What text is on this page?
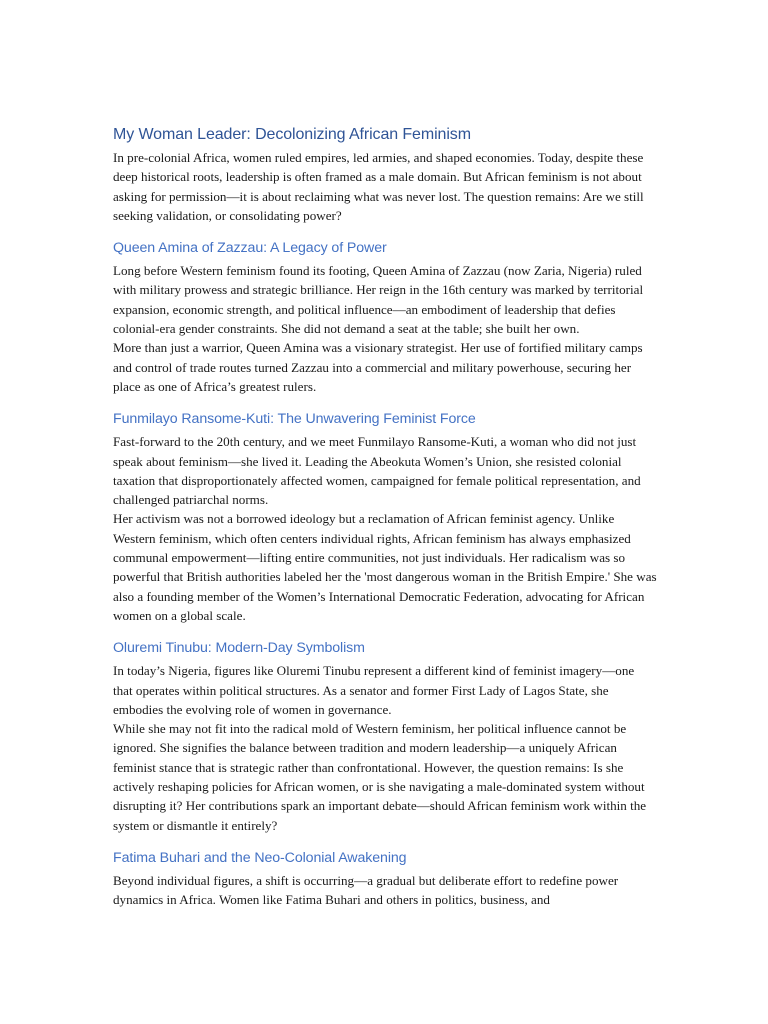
My Woman Leader: Decolonizing African Feminism

In pre-colonial Africa, women ruled empires, led armies, and shaped economies. Today, despite these deep historical roots, leadership is often framed as a male domain. But African feminism is not about asking for permission—it is about reclaiming what was never lost. The question remains: Are we still seeking validation, or consolidating power?

Queen Amina of Zazzau: A Legacy of Power

Long before Western feminism found its footing, Queen Amina of Zazzau (now Zaria, Nigeria) ruled with military prowess and strategic brilliance. Her reign in the 16th century was marked by territorial expansion, economic strength, and political influence—an embodiment of leadership that defies colonial-era gender constraints. She did not demand a seat at the table; she built her own.

More than just a warrior, Queen Amina was a visionary strategist. Her use of fortified military camps and control of trade routes turned Zazzau into a commercial and military powerhouse, securing her place as one of Africa’s greatest rulers.

Funmilayo Ransome-Kuti: The Unwavering Feminist Force

Fast-forward to the 20th century, and we meet Funmilayo Ransome-Kuti, a woman who did not just speak about feminism—she lived it. Leading the Abeokuta Women’s Union, she resisted colonial taxation that disproportionately affected women, campaigned for female political representation, and challenged patriarchal norms.

Her activism was not a borrowed ideology but a reclamation of African feminist agency. Unlike Western feminism, which often centers individual rights, African feminism has always emphasized communal empowerment—lifting entire communities, not just individuals. Her radicalism was so powerful that British authorities labeled her the 'most dangerous woman in the British Empire.' She was also a founding member of the Women’s International Democratic Federation, advocating for African women on a global scale.

Oluremi Tinubu: Modern-Day Symbolism

In today’s Nigeria, figures like Oluremi Tinubu represent a different kind of feminist imagery—one that operates within political structures. As a senator and former First Lady of Lagos State, she embodies the evolving role of women in governance.

While she may not fit into the radical mold of Western feminism, her political influence cannot be ignored. She signifies the balance between tradition and modern leadership—a uniquely African feminist stance that is strategic rather than confrontational. However, the question remains: Is she actively reshaping policies for African women, or is she navigating a male-dominated system without disrupting it? Her contributions spark an important debate—should African feminism work within the system or dismantle it entirely?

Fatima Buhari and the Neo-Colonial Awakening

Beyond individual figures, a shift is occurring—a gradual but deliberate effort to redefine power dynamics in Africa. Women like Fatima Buhari and others in politics, business, and
